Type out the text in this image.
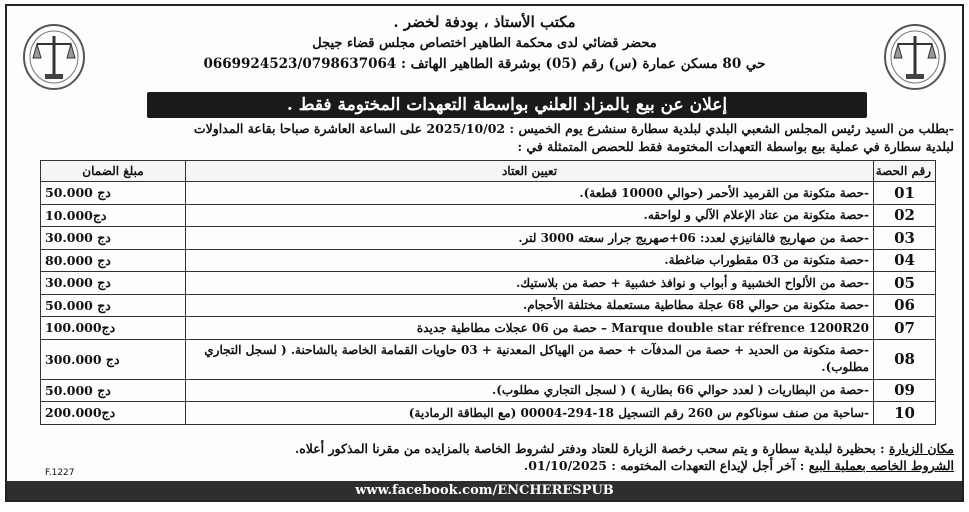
مكتب الأستاذ ، بودفة لخضر .
محضر قضائي لدى محكمة الطاهير اختصاص مجلس قضاء جيجل
حي 80 مسكن عمارة (س) رقم (05) بوشرقة الطاهير الهاتف : 0669924523/0798637064
إعلان عن بيع بالمزاد العلني بواسطة التعهدات المختومة فقط .
-بطلب من السيد رئيس المجلس الشعبي البلدي لبلدية سطارة سنشرع يوم الخميس : 2025/10/02 على الساعة العاشرة صباحا بقاعة المداولات
لبلدية سطارة في عملية بيع بواسطة التعهدات المختومة فقط للحصص المتمثلة في :
رقم الحصة	تعيين العتاد	مبلغ الضمان
01	-حصة متكونة من القرميد الأحمر (حوالي 10000 قطعة).	50.000 دج
02	-حصة متكونة من عتاد الإعلام الآلي و لواحقه.	10.000دج
03	-حصة من صهاريج فالفانيزي لعدد: 06+صهريج جرار سعته 3000 لتر.	30.000 دج
04	-حصة متكونة من 03 مقطوراب ضاغطة.	80.000 دج
05	-حصة من الألواح الخشبية و أبواب و نوافذ خشبية + حصة من بلاستيك.	30.000 دج
06	-حصة متكونة من حوالي 68 عجلة مطاطية مستعملة مختلفة الأحجام.	50.000 دج
07	Marque double star réfrence 1200R20 – حصة من 06 عجلات مطاطية جديدة	100.000دج
08	-حصة متكونة من الحديد + حصة من المدفآت + حصة من الهياكل المعدنية + 03 حاويات القمامة الخاصة بالشاحنة. ( لسجل التجاري مطلوب).	300.000 دج
09	-حصة من البطاريات ( لعدد حوالي 66 بطارية ) ( لسجل التجاري مطلوب).	50.000 دج
10	-ساحبة من صنف سوناكوم س 260 رقم التسجيل 18-294-00004 (مع البطاقة الرمادية)	200.000دج
مكان الزيارة : بحظيرة لبلدية سطارة و يتم سحب رخصة الزيارة للعتاد ودفتر لشروط الخاصة بالمزايده من مقرنا المذكور أعلاه.
الشروط الخاصه بعملية البيع : آخر أجل لإيداع التعهدات المختومه : 01/10/2025.
F.1227
www.facebook.com/ENCHERESPUB
